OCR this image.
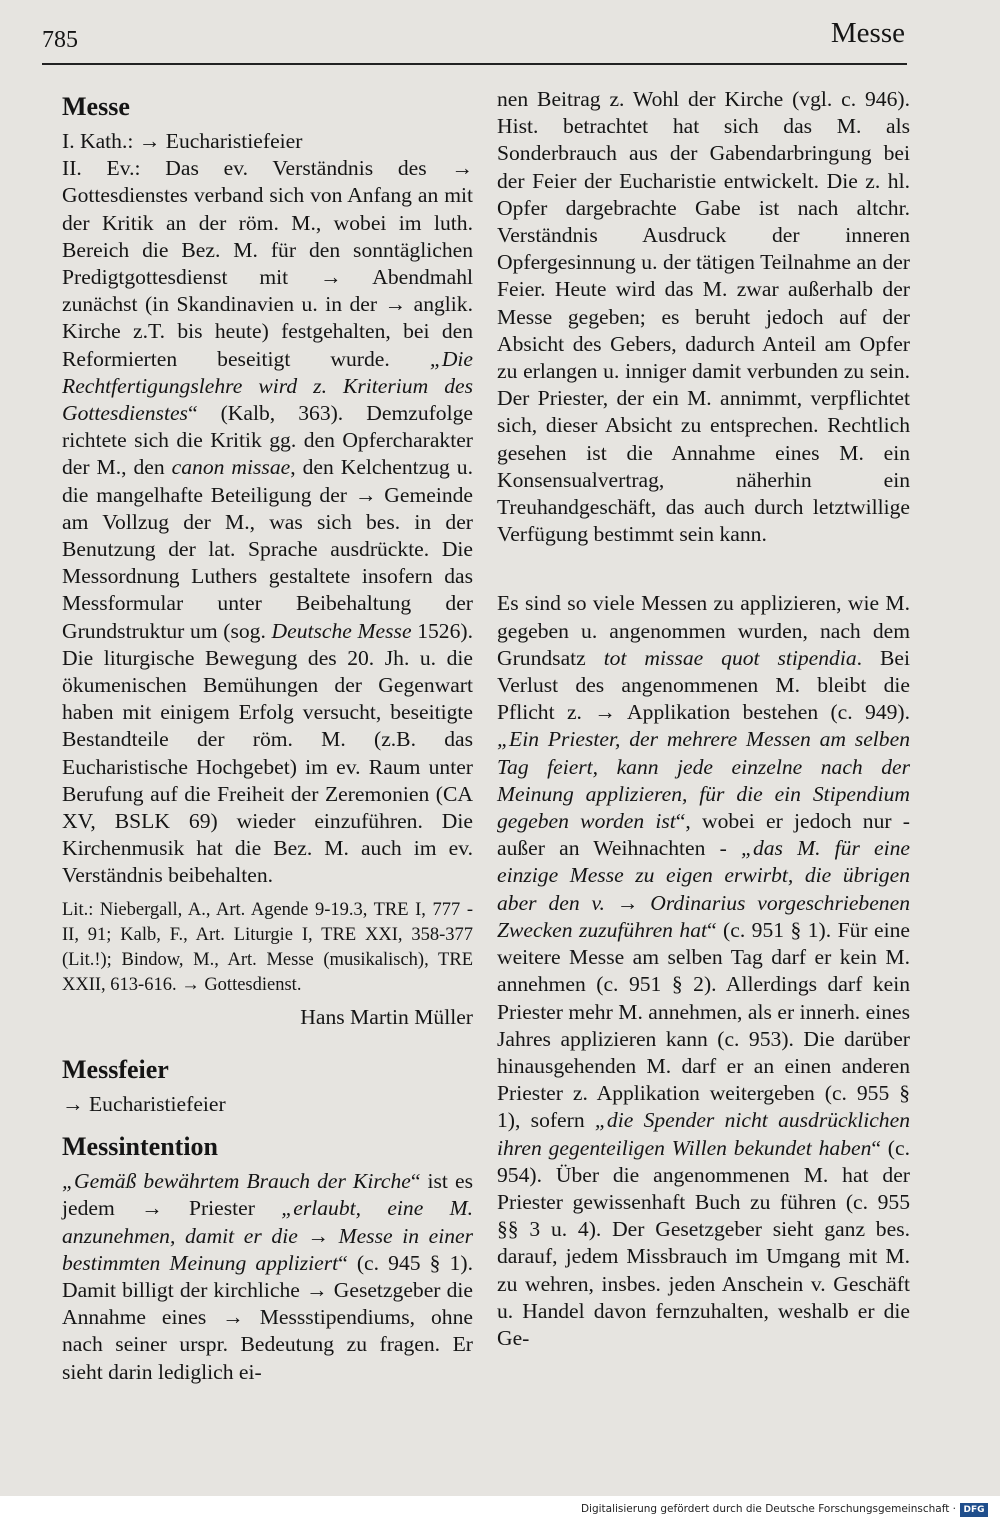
785	Messe
Messe

I. Kath.: → Eucharistiefeier

II. Ev.: Das ev. Verständnis des → Gottesdienstes verband sich von Anfang an mit der Kritik an der röm. M., wobei im luth. Bereich die Bez. M. für den sonntäglichen Predigtgottesdienst mit → Abendmahl zunächst (in Skandinavien u. in der → anglik. Kirche z.T. bis heute) festgehalten, bei den Reformierten beseitigt wurde. „Die Rechtfertigungslehre wird z. Kriterium des Gottesdienstes“ (Kalb, 363). Demzufolge richtete sich die Kritik gg. den Opfercharakter der M., den canon missae, den Kelchentzug u. die mangelhafte Beteiligung der → Gemeinde am Vollzug der M., was sich bes. in der Benutzung der lat. Sprache ausdrückte. Die Messordnung Luthers gestaltete insofern das Messformular unter Beibehaltung der Grundstruktur um (sog. Deutsche Messe 1526). Die liturgische Bewegung des 20. Jh. u. die ökumenischen Bemühungen der Gegenwart haben mit einigem Erfolg versucht, beseitigte Bestandteile der röm. M. (z.B. das Eucharistische Hochgebet) im ev. Raum unter Berufung auf die Freiheit der Zeremonien (CA XV, BSLK 69) wieder einzuführen. Die Kirchenmusik hat die Bez. M. auch im ev. Verständnis beibehalten.

Lit.: Niebergall, A., Art. Agende 9-19.3, TRE I, 777 - II, 91; Kalb, F., Art. Liturgie I, TRE XXI, 358-377 (Lit.!); Bindow, M., Art. Messe (musikalisch), TRE XXII, 613-616. → Gottesdienst.

Hans Martin Müller

Messfeier

→ Eucharistiefeier

Messintention

„Gemäß bewährtem Brauch der Kirche“ ist es jedem → Priester „erlaubt, eine M. anzunehmen, damit er die → Messe in einer bestimmten Meinung appliziert“ (c. 945 § 1). Damit billigt der kirchliche → Gesetzgeber die Annahme eines → Messstipendiums, ohne nach seiner urspr. Bedeutung zu fragen. Er sieht darin lediglich ei-

nen Beitrag z. Wohl der Kirche (vgl. c. 946). Hist. betrachtet hat sich das M. als Sonderbrauch aus der Gabendarbringung bei der Feier der Eucharistie entwickelt. Die z. hl. Opfer dargebrachte Gabe ist nach altchr. Verständnis Ausdruck der inneren Opfergesinnung u. der tätigen Teilnahme an der Feier. Heute wird das M. zwar außerhalb der Messe gegeben; es beruht jedoch auf der Absicht des Gebers, dadurch Anteil am Opfer zu erlangen u. inniger damit verbunden zu sein. Der Priester, der ein M. annimmt, verpflichtet sich, dieser Absicht zu entsprechen. Rechtlich gesehen ist die Annahme eines M. ein Konsensualvertrag, näherhin ein Treuhandgeschäft, das auch durch letztwillige Verfügung bestimmt sein kann.

Es sind so viele Messen zu applizieren, wie M. gegeben u. angenommen wurden, nach dem Grundsatz tot missae quot stipendia. Bei Verlust des angenommenen M. bleibt die Pflicht z. → Applikation bestehen (c. 949). „Ein Priester, der mehrere Messen am selben Tag feiert, kann jede einzelne nach der Meinung applizieren, für die ein Stipendium gegeben worden ist“, wobei er jedoch nur - außer an Weihnachten - „das M. für eine einzige Messe zu eigen erwirbt, die übrigen aber den v. → Ordinarius vorgeschriebenen Zwecken zuzuführen hat“ (c. 951 § 1). Für eine weitere Messe am selben Tag darf er kein M. annehmen (c. 951 § 2). Allerdings darf kein Priester mehr M. annehmen, als er innerh. eines Jahres applizieren kann (c. 953). Die darüber hinausgehenden M. darf er an einen anderen Priester z. Applikation weitergeben (c. 955 § 1), sofern „die Spender nicht ausdrücklichen ihren gegenteiligen Willen bekundet haben“ (c. 954). Über die angenommenen M. hat der Priester gewissenhaft Buch zu führen (c. 955 §§ 3 u. 4). Der Gesetzgeber sieht ganz bes. darauf, jedem Missbrauch im Umgang mit M. zu wehren, insbes. jeden Anschein v. Geschäft u. Handel davon fernzuhalten, weshalb er die Ge-

Digitalisierung gefördert durch die Deutsche Forschungsgemeinschaft · DFG
